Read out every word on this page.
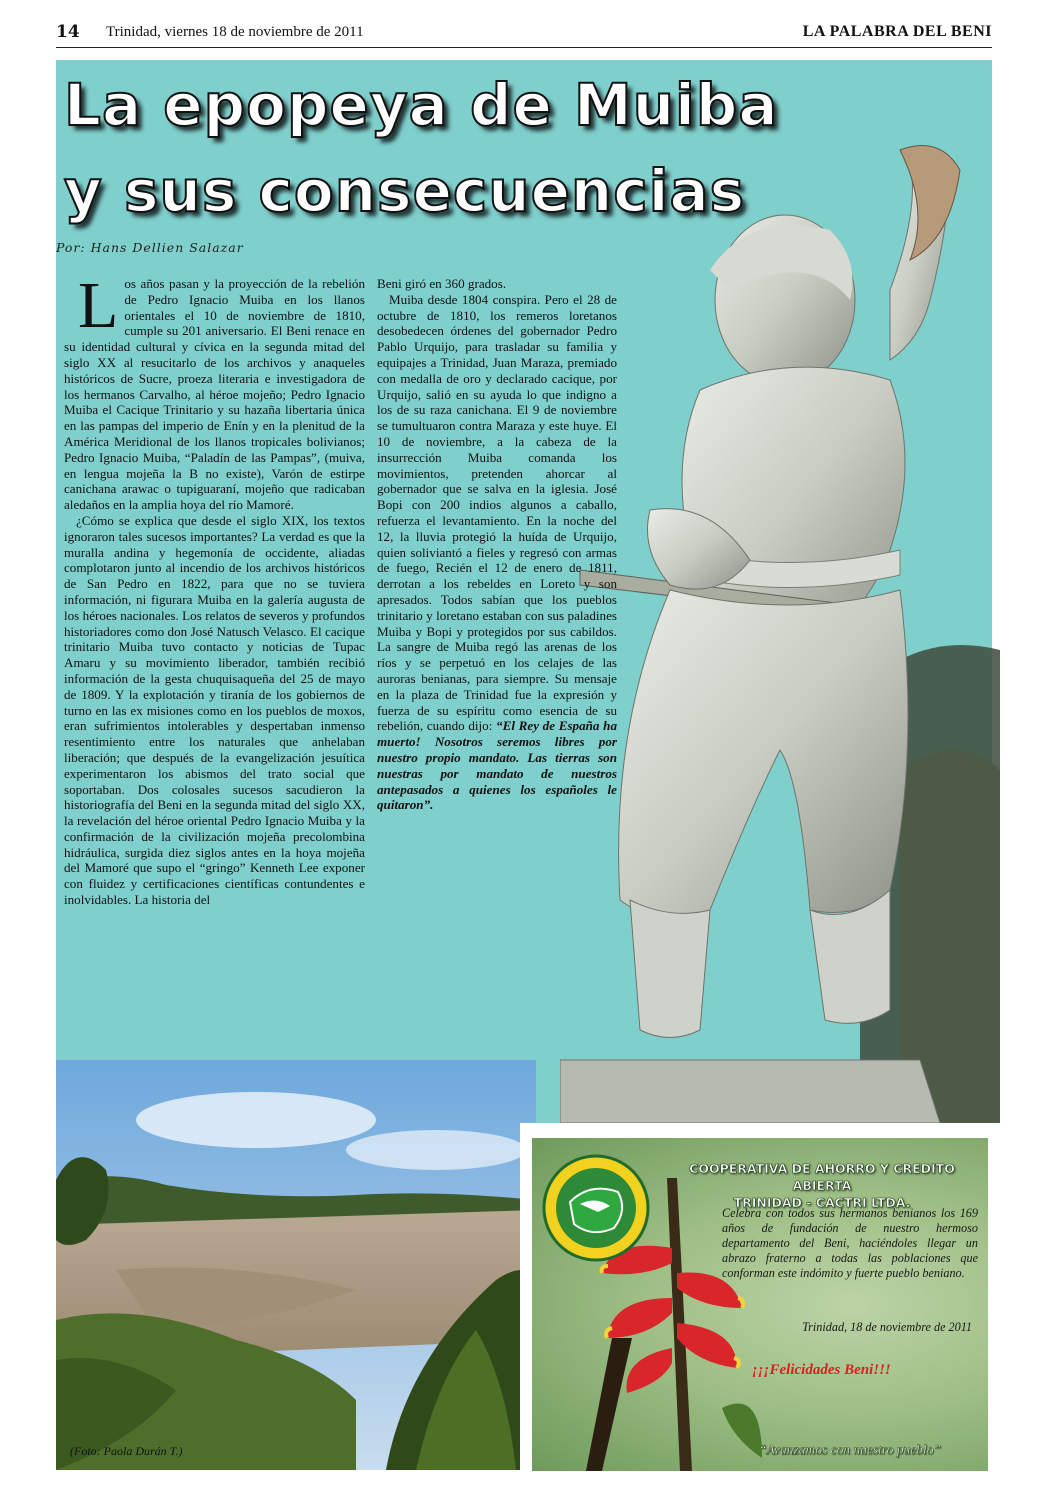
14 Trinidad, viernes 18 de noviembre de 2011	LA PALABRA DEL BENI
La epopeya de Muiba y sus consecuencias
Por: Hans Dellien Salazar

Los años pasan y la proyección de la rebelión de Pedro Ignacio Muiba en los llanos orientales el 10 de noviembre de 1810, cumple su 201 aniversario. El Beni renace en su identidad cultural y cívica en la segunda mitad del siglo XX al resucitarlo de los archivos y anaqueles históricos de Sucre, proeza literaria e investigadora de los hermanos Carvalho, al héroe mojeño; Pedro Ignacio Muiba el Cacique Trinitario y su hazaña libertaria única en las pampas del imperio de Enín y en la plenitud de la América Meridional de los llanos tropicales bolivianos; Pedro Ignacio Muiba, “Paladín de las Pampas”, (muiva, en lengua mojeña la B no existe), Varón de estirpe canichana arawac o tupiguaraní, mojeño que radicaban aledaños en la amplia hoya del río Mamoré.

¿Cómo se explica que desde el siglo XIX, los textos ignoraron tales sucesos importantes? La verdad es que la muralla andina y hegemonía de occidente, aliadas complotaron junto al incendio de los archivos históricos de San Pedro en 1822, para que no se tuviera información, ni figurara Muiba en la galería augusta de los héroes nacionales. Los relatos de severos y profundos historiadores como don José Natusch Velasco. El cacique trinitario Muiba tuvo contacto y noticias de Tupac Amaru y su movimiento liberador, también recibió información de la gesta chuquisaqueña del 25 de mayo de 1809. Y la explotación y tiranía de los gobiernos de turno en las ex misiones como en los pueblos de moxos, eran sufrimientos intolerables y despertaban inmenso resentimiento entre los naturales que anhelaban liberación; que después de la evangelización jesuítica experimentaron los abismos del trato social que soportaban. Dos colosales sucesos sacudieron la historiografía del Beni en la segunda mitad del siglo XX, la revelación del héroe oriental Pedro Ignacio Muiba y la confirmación de la civilización mojeña precolombina hidráulica, surgida diez siglos antes en la hoya mojeña del Mamoré que supo el “gringo” Kenneth Lee exponer con fluidez y certificaciones científicas contundentes e inolvidables. La historia del

Beni giró en 360 grados.

Muiba desde 1804 conspira. Pero el 28 de octubre de 1810, los remeros loretanos desobedecen órdenes del gobernador Pedro Pablo Urquijo, para trasladar su familia y equipajes a Trinidad, Juan Maraza, premiado con medalla de oro y declarado cacique, por Urquijo, salió en su ayuda lo que indigno a los de su raza canichana. El 9 de noviembre se tumultuaron contra Maraza y este huye. El 10 de noviembre, a la cabeza de la insurrección Muiba comanda los movimientos, pretenden ahorcar al gobernador que se salva en la iglesia. José Bopi con 200 indios algunos a caballo, refuerza el levantamiento. En la noche del 12, la lluvia protegió la huída de Urquijo, quien soliviantó a fieles y regresó con armas de fuego, Recién el 12 de enero de 1811, derrotan a los rebeldes en Loreto y son apresados. Todos sabían que los pueblos trinitario y loretano estaban con sus paladines Muiba y Bopi y protegidos por sus cabildos. La sangre de Muiba regó las arenas de los ríos y se perpetuó en los celajes de las auroras benianas, para siempre. Su mensaje en la plaza de Trinidad fue la expresión y fuerza de su espíritu como esencia de su rebelión, cuando dijo: “El Rey de España ha muerto! Nosotros seremos libres por nuestro propio mandato. Las tierras son nuestras por mandato de nuestros antepasados a quienes los españoles le quitaron”.

(Foto: Paola Durán T.)
COOPERATIVA DE AHORRO Y CREDITO ABIERTA
TRINIDAD - CACTRI LTDA.

Celebra con todos sus hermanos benianos los 169 años de fundación de nuestro hermoso departamento del Beni, haciéndoles llegar un abrazo fraterno a todas las poblaciones que conforman este indómito y fuerte pueblo beniano.

Trinidad, 18 de noviembre de 2011
¡¡¡Felicidades Beni!!!
“Avanzamos con nuestro pueblo”
